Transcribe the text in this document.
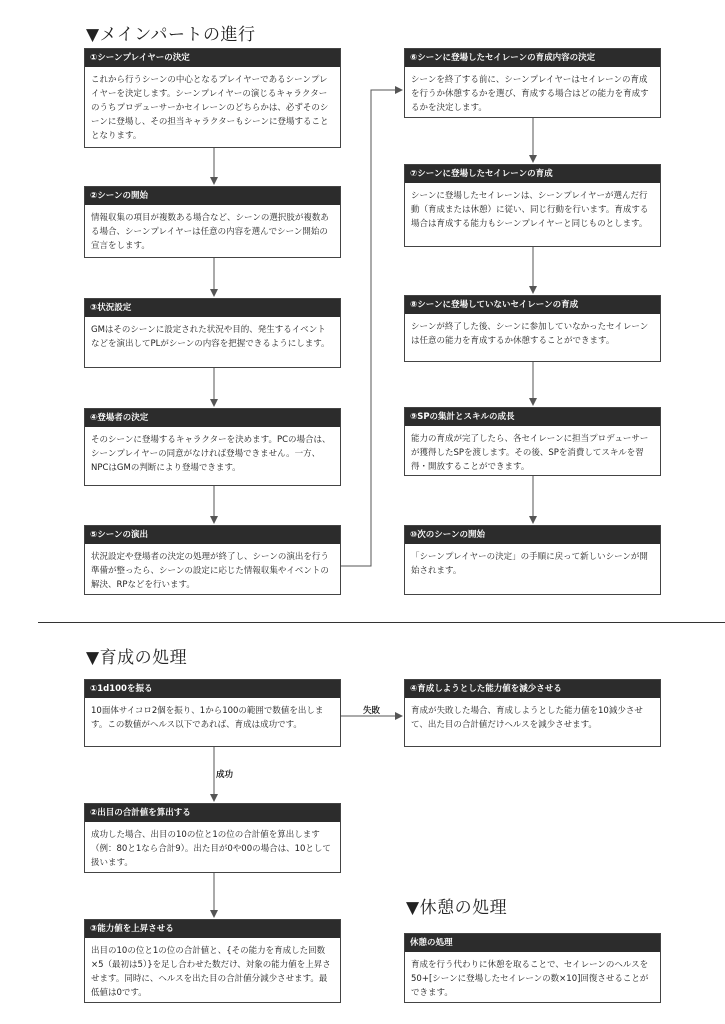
▼メインパートの進行
①シーンプレイヤーの決定
これから行うシーンの中心となるプレイヤーであるシーンプレイヤーを決定します。シーンプレイヤーの演じるキャラクターのうちプロデューサーかセイレーンのどちらかは、必ずそのシーンに登場し、その担当キャラクターもシーンに登場することとなります。
②シーンの開始
情報収集の項目が複数ある場合など、シーンの選択肢が複数ある場合、シーンプレイヤーは任意の内容を選んでシーン開始の宣言をします。
③状況設定
GMはそのシーンに設定された状況や目的、発生するイベントなどを演出してPLがシーンの内容を把握できるようにします。
④登場者の決定
そのシーンに登場するキャラクターを決めます。PCの場合は、シーンプレイヤーの同意がなければ登場できません。一方、NPCはGMの判断により登場できます。
⑤シーンの演出
状況設定や登場者の決定の処理が終了し、シーンの演出を行う準備が整ったら、シーンの設定に応じた情報収集やイベントの解決、RPなどを行います。
⑥シーンに登場したセイレーンの育成内容の決定
シーンを終了する前に、シーンプレイヤーはセイレーンの育成を行うか休憩するかを選び、育成する場合はどの能力を育成するかを決定します。
⑦シーンに登場したセイレーンの育成
シーンに登場したセイレーンは、シーンプレイヤーが選んだ行動（育成または休憩）に従い、同じ行動を行います。育成する場合は育成する能力もシーンプレイヤーと同じものとします。
⑧シーンに登場していないセイレーンの育成
シーンが終了した後、シーンに参加していなかったセイレーンは任意の能力を育成するか休憩することができます。
⑨SPの集計とスキルの成長
能力の育成が完了したら、各セイレーンに担当プロデューサーが獲得したSPを渡します。その後、SPを消費してスキルを習得・開放することができます。
⑩次のシーンの開始
「シーンプレイヤーの決定」の手順に戻って新しいシーンが開始されます。
▼育成の処理
①1d100を振る
10面体サイコロ2個を振り、1から100の範囲で数値を出します。この数値がヘルス以下であれば、育成は成功です。
②出目の合計値を算出する
成功した場合、出目の10の位と1の位の合計値を算出します（例：80と1なら合計9）。出た目が0や00の場合は、10として扱います。
③能力値を上昇させる
出目の10の位と1の位の合計値と、{その能力を育成した回数×5（最初は5）}を足し合わせた数だけ、対象の能力値を上昇させます。同時に、ヘルスを出た目の合計値分減少させます。最低値は0です。
④育成しようとした能力値を減少させる
育成が失敗した場合、育成しようとした能力値を10減少させて、出た目の合計値だけヘルスを減少させます。
失敗
成功
▼休憩の処理
休憩の処理
育成を行う代わりに休憩を取ることで、セイレーンのヘルスを50+[シーンに登場したセイレーンの数×10]回復させることができます。
